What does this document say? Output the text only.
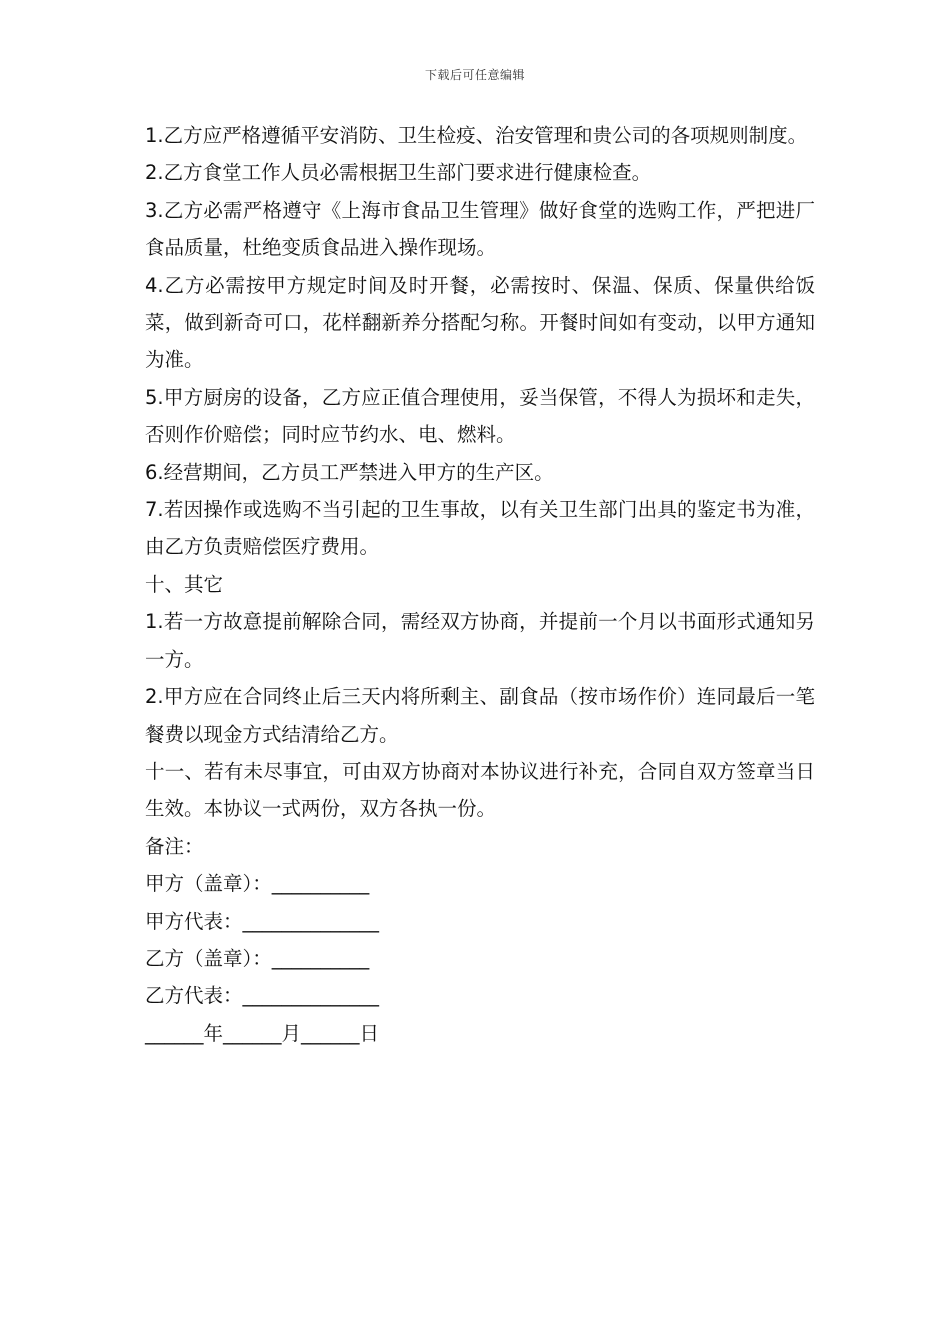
下载后可任意编辑

1.乙方应严格遵循平安消防、卫生检疫、治安管理和贵公司的各项规则制度。

2.乙方食堂工作人员必需根据卫生部门要求进行健康检查。

3.乙方必需严格遵守《上海市食品卫生管理》做好食堂的选购工作，严把进厂食品质量，杜绝变质食品进入操作现场。

4.乙方必需按甲方规定时间及时开餐，必需按时、保温、保质、保量供给饭菜，做到新奇可口，花样翻新养分搭配匀称。开餐时间如有变动，以甲方通知为准。

5.甲方厨房的设备，乙方应正值合理使用，妥当保管，不得人为损坏和走失，否则作价赔偿；同时应节约水、电、燃料。

6.经营期间，乙方员工严禁进入甲方的生产区。

7.若因操作或选购不当引起的卫生事故，以有关卫生部门出具的鉴定书为准，由乙方负责赔偿医疗费用。

十、其它

1.若一方故意提前解除合同，需经双方协商，并提前一个月以书面形式通知另一方。

2.甲方应在合同终止后三天内将所剩主、副食品（按市场作价）连同最后一笔餐费以现金方式结清给乙方。

十一、若有未尽事宜，可由双方协商对本协议进行补充，合同自双方签章当日生效。本协议一式两份，双方各执一份。

备注：

甲方（盖章）：__________

甲方代表：______________

乙方（盖章）：__________

乙方代表：______________

______年______月______日
